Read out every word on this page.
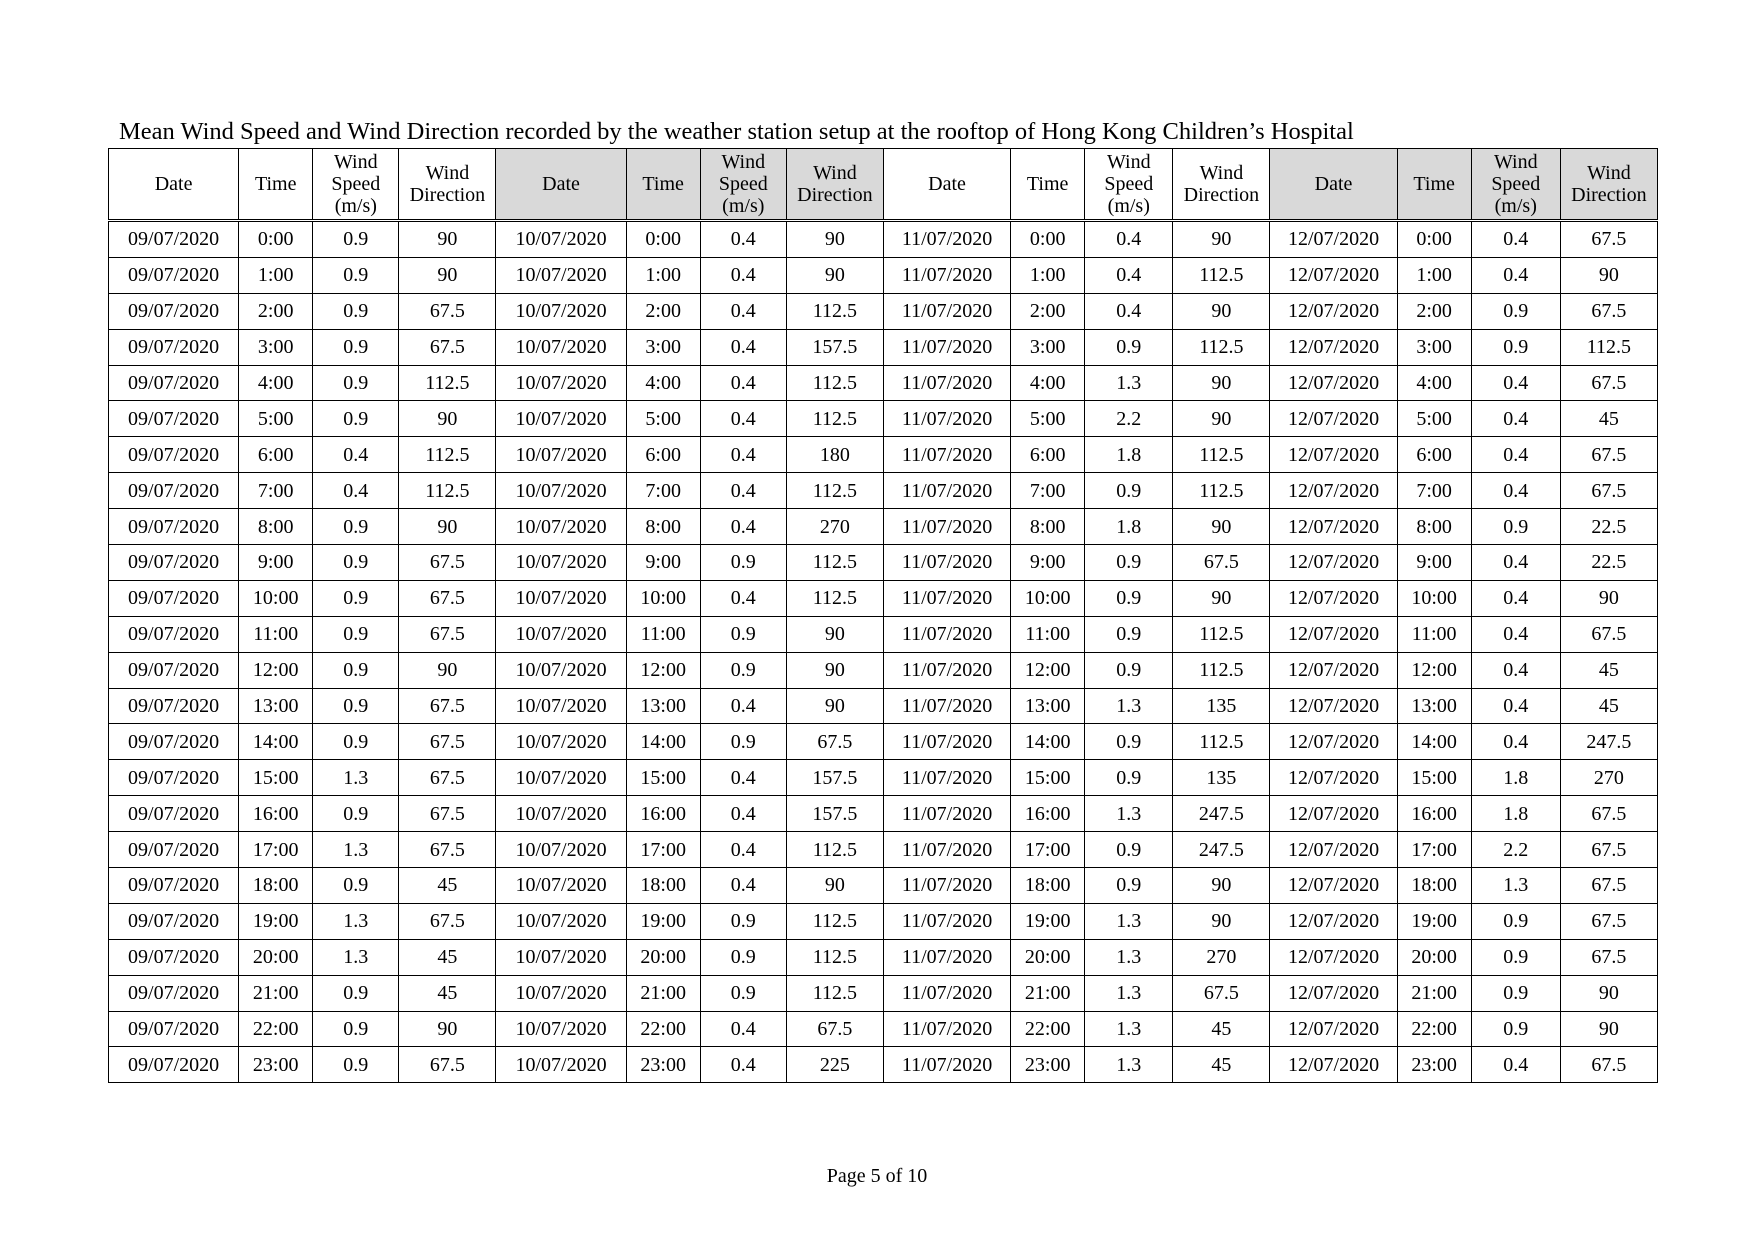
Mean Wind Speed and Wind Direction recorded by the weather station setup at the rooftop of Hong Kong Children’s Hospital
Date	Time	Wind
Speed
(m/s)	Wind
Direction	Date	Time	Wind
Speed
(m/s)	Wind
Direction	Date	Time	Wind
Speed
(m/s)	Wind
Direction	Date	Time	Wind
Speed
(m/s)	Wind
Direction
09/07/2020	0:00	0.9	90	10/07/2020	0:00	0.4	90	11/07/2020	0:00	0.4	90	12/07/2020	0:00	0.4	67.5
09/07/2020	1:00	0.9	90	10/07/2020	1:00	0.4	90	11/07/2020	1:00	0.4	112.5	12/07/2020	1:00	0.4	90
09/07/2020	2:00	0.9	67.5	10/07/2020	2:00	0.4	112.5	11/07/2020	2:00	0.4	90	12/07/2020	2:00	0.9	67.5
09/07/2020	3:00	0.9	67.5	10/07/2020	3:00	0.4	157.5	11/07/2020	3:00	0.9	112.5	12/07/2020	3:00	0.9	112.5
09/07/2020	4:00	0.9	112.5	10/07/2020	4:00	0.4	112.5	11/07/2020	4:00	1.3	90	12/07/2020	4:00	0.4	67.5
09/07/2020	5:00	0.9	90	10/07/2020	5:00	0.4	112.5	11/07/2020	5:00	2.2	90	12/07/2020	5:00	0.4	45
09/07/2020	6:00	0.4	112.5	10/07/2020	6:00	0.4	180	11/07/2020	6:00	1.8	112.5	12/07/2020	6:00	0.4	67.5
09/07/2020	7:00	0.4	112.5	10/07/2020	7:00	0.4	112.5	11/07/2020	7:00	0.9	112.5	12/07/2020	7:00	0.4	67.5
09/07/2020	8:00	0.9	90	10/07/2020	8:00	0.4	270	11/07/2020	8:00	1.8	90	12/07/2020	8:00	0.9	22.5
09/07/2020	9:00	0.9	67.5	10/07/2020	9:00	0.9	112.5	11/07/2020	9:00	0.9	67.5	12/07/2020	9:00	0.4	22.5
09/07/2020	10:00	0.9	67.5	10/07/2020	10:00	0.4	112.5	11/07/2020	10:00	0.9	90	12/07/2020	10:00	0.4	90
09/07/2020	11:00	0.9	67.5	10/07/2020	11:00	0.9	90	11/07/2020	11:00	0.9	112.5	12/07/2020	11:00	0.4	67.5
09/07/2020	12:00	0.9	90	10/07/2020	12:00	0.9	90	11/07/2020	12:00	0.9	112.5	12/07/2020	12:00	0.4	45
09/07/2020	13:00	0.9	67.5	10/07/2020	13:00	0.4	90	11/07/2020	13:00	1.3	135	12/07/2020	13:00	0.4	45
09/07/2020	14:00	0.9	67.5	10/07/2020	14:00	0.9	67.5	11/07/2020	14:00	0.9	112.5	12/07/2020	14:00	0.4	247.5
09/07/2020	15:00	1.3	67.5	10/07/2020	15:00	0.4	157.5	11/07/2020	15:00	0.9	135	12/07/2020	15:00	1.8	270
09/07/2020	16:00	0.9	67.5	10/07/2020	16:00	0.4	157.5	11/07/2020	16:00	1.3	247.5	12/07/2020	16:00	1.8	67.5
09/07/2020	17:00	1.3	67.5	10/07/2020	17:00	0.4	112.5	11/07/2020	17:00	0.9	247.5	12/07/2020	17:00	2.2	67.5
09/07/2020	18:00	0.9	45	10/07/2020	18:00	0.4	90	11/07/2020	18:00	0.9	90	12/07/2020	18:00	1.3	67.5
09/07/2020	19:00	1.3	67.5	10/07/2020	19:00	0.9	112.5	11/07/2020	19:00	1.3	90	12/07/2020	19:00	0.9	67.5
09/07/2020	20:00	1.3	45	10/07/2020	20:00	0.9	112.5	11/07/2020	20:00	1.3	270	12/07/2020	20:00	0.9	67.5
09/07/2020	21:00	0.9	45	10/07/2020	21:00	0.9	112.5	11/07/2020	21:00	1.3	67.5	12/07/2020	21:00	0.9	90
09/07/2020	22:00	0.9	90	10/07/2020	22:00	0.4	67.5	11/07/2020	22:00	1.3	45	12/07/2020	22:00	0.9	90
09/07/2020	23:00	0.9	67.5	10/07/2020	23:00	0.4	225	11/07/2020	23:00	1.3	45	12/07/2020	23:00	0.4	67.5
Page 5 of 10
